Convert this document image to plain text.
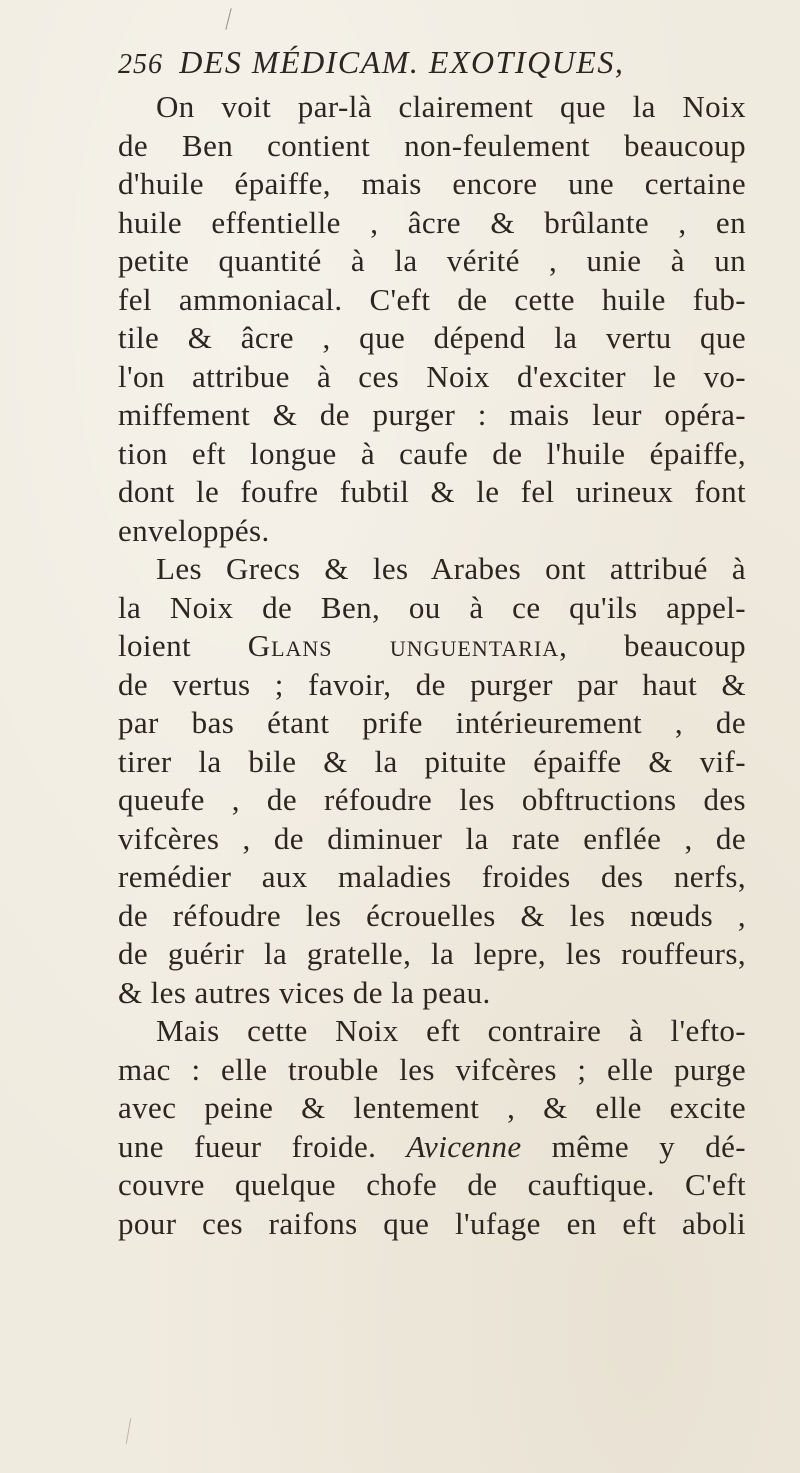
256 DES MÉDICAM. EXOTIQUES,
On voit par-là clairement que la Noix
de Ben contient non-feulement beaucoup
d'huile épaiffe, mais encore une certaine
huile effentielle , âcre & brûlante , en
petite quantité à la vérité , unie à un
fel ammoniacal. C'eft de cette huile fub-
tile & âcre , que dépend la vertu que
l'on attribue à ces Noix d'exciter le vo-
miffement & de purger : mais leur opéra-
tion eft longue à caufe de l'huile épaiffe,
dont le foufre fubtil & le fel urineux font
enveloppés.
Les Grecs & les Arabes ont attribué à
la Noix de Ben, ou à ce qu'ils appel-
loient Glans unguentaria, beaucoup
de vertus ; favoir, de purger par haut &
par bas étant prife intérieurement , de
tirer la bile & la pituite épaiffe & vif-
queufe , de réfoudre les obftructions des
vifcères , de diminuer la rate enflée , de
remédier aux maladies froides des nerfs,
de réfoudre les écrouelles & les nœuds ,
de guérir la gratelle, la lepre, les rouffeurs,
& les autres vices de la peau.
Mais cette Noix eft contraire à l'efto-
mac : elle trouble les vifcères ; elle purge
avec peine & lentement , & elle excite
une fueur froide. Avicenne même y dé-
couvre quelque chofe de cauftique. C'eft
pour ces raifons que l'ufage en eft aboli
